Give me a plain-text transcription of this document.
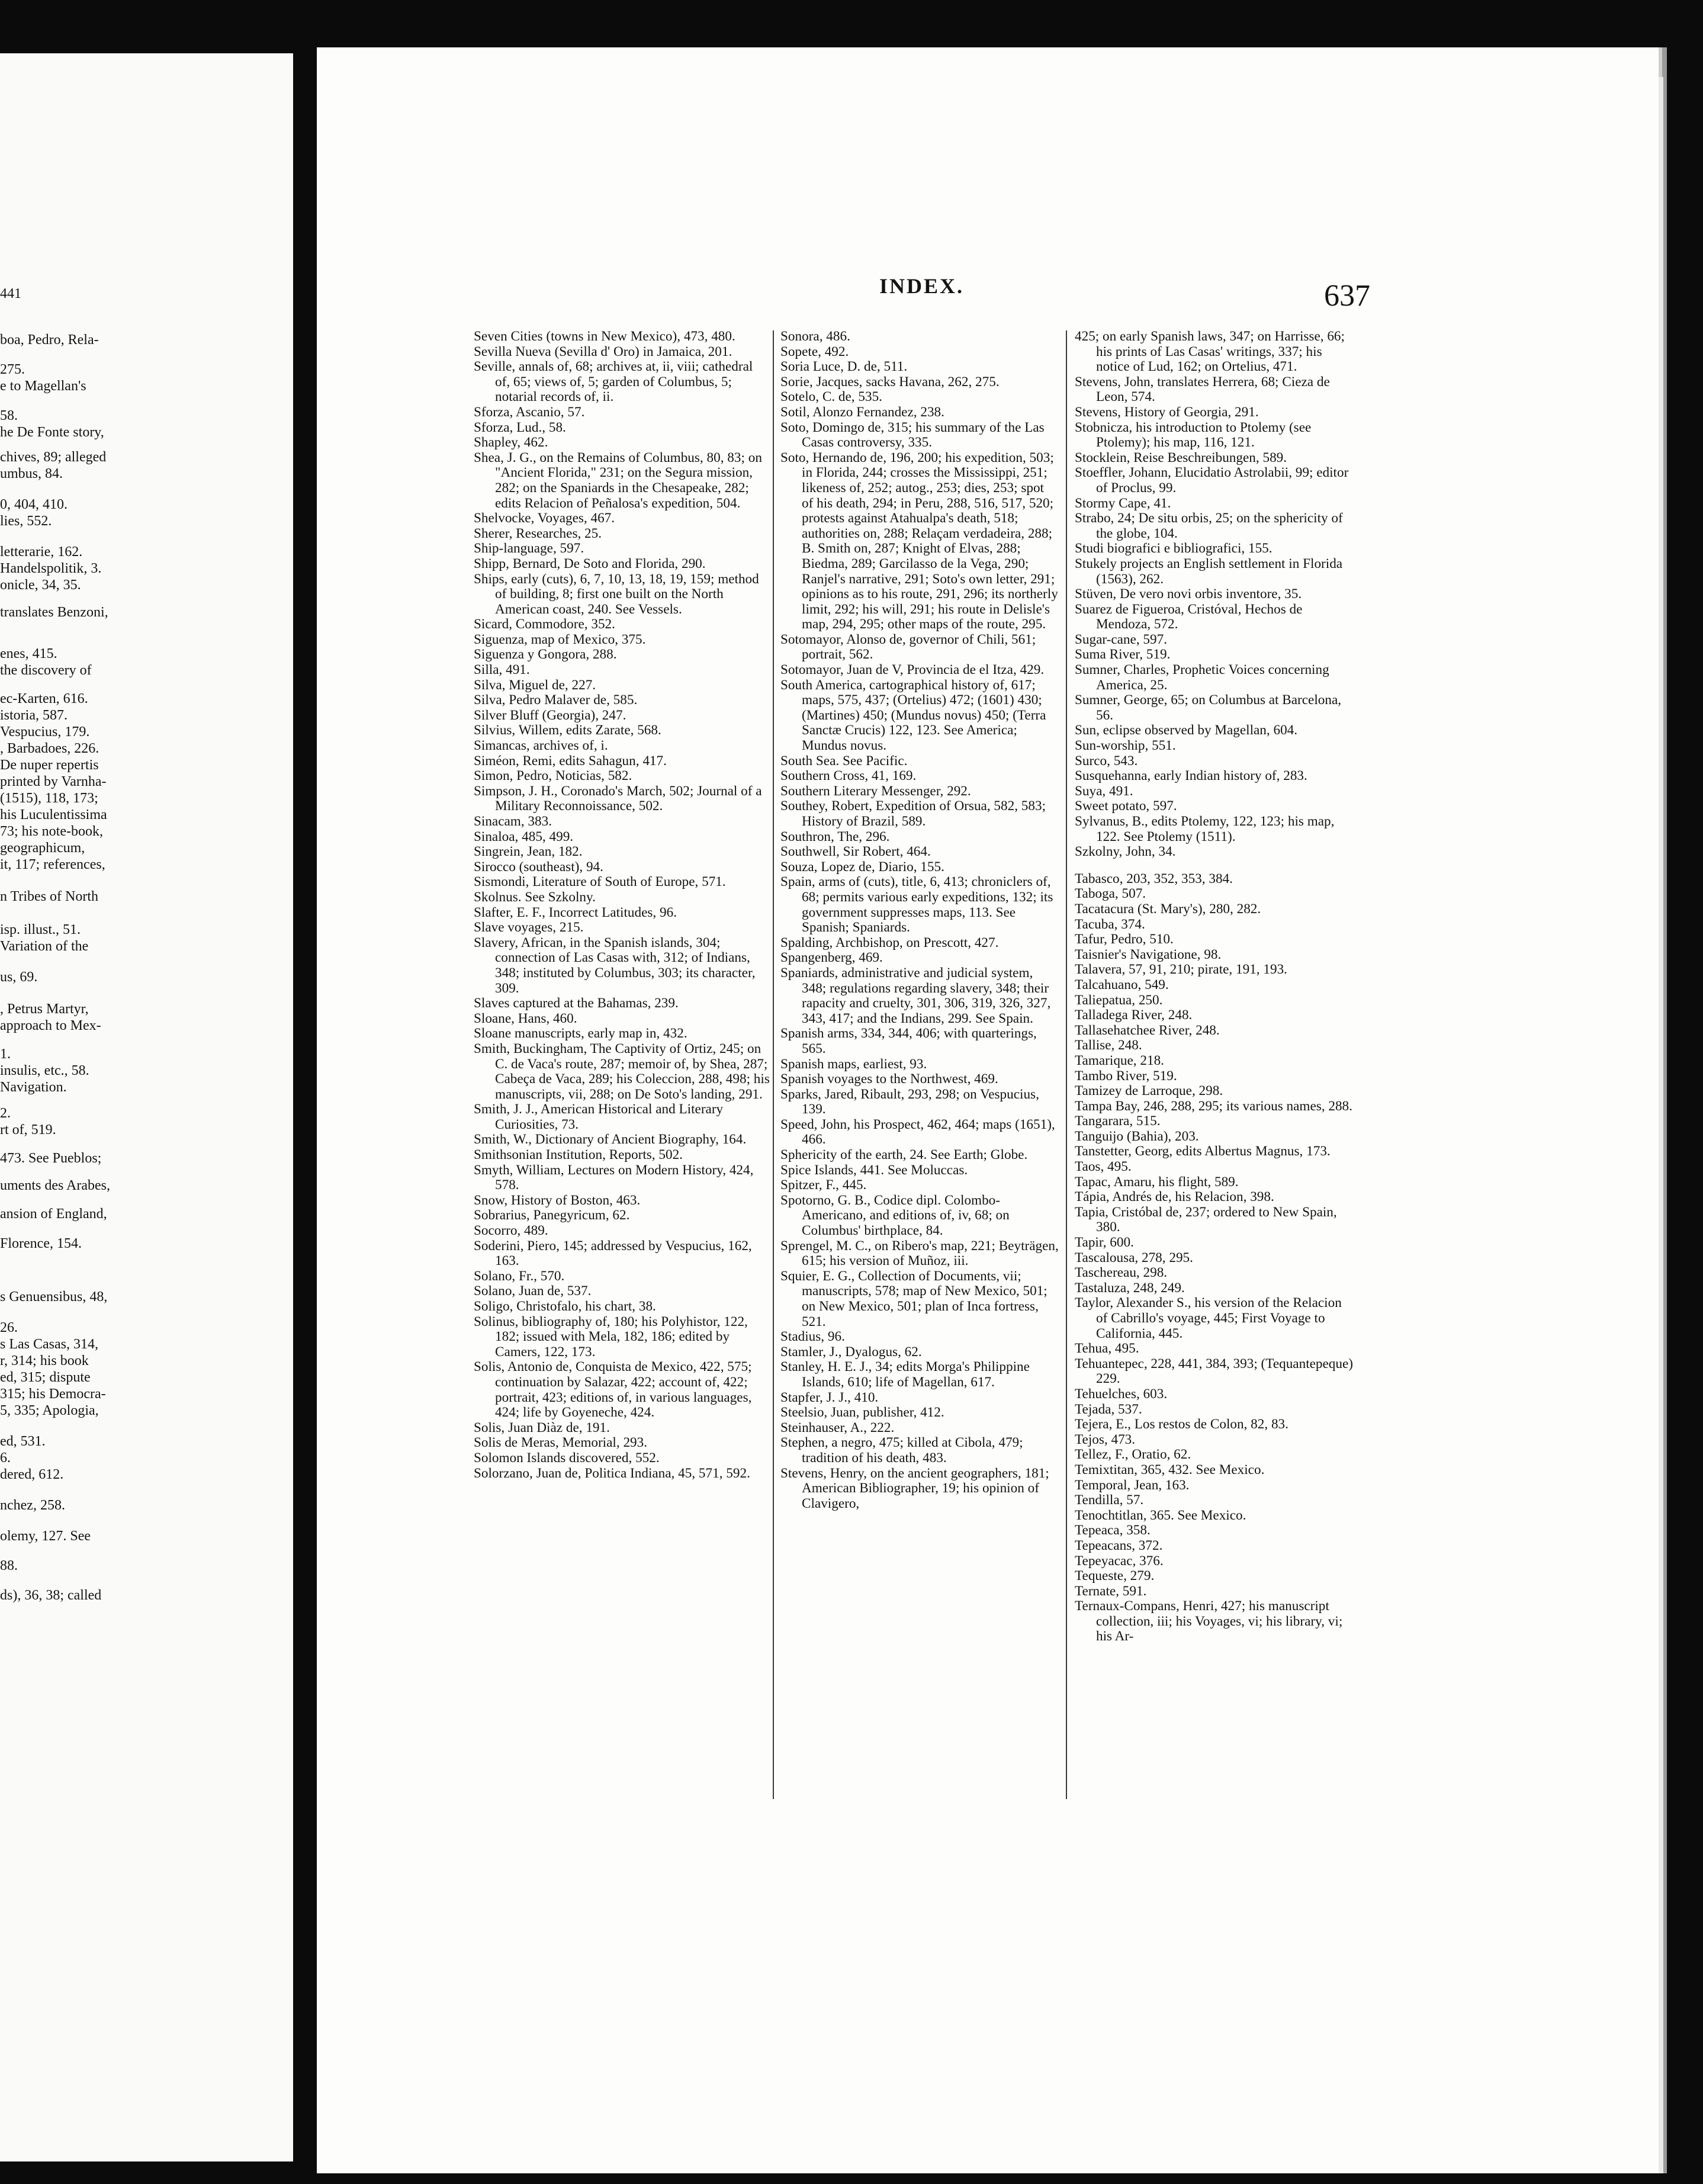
441
boa, Pedro, Rela-
275.
e to Magellan's
58.
he De Fonte story,
chives, 89; alleged
umbus, 84.
0, 404, 410.
lies, 552.
letterarie, 162.
Handelspolitik, 3.
onicle, 34, 35.
translates Benzoni,
enes, 415.
the discovery of
ec-Karten, 616.
istoria, 587.
Vespucius, 179.
, Barbadoes, 226.
De nuper repertis
printed by Varnha-
(1515), 118, 173;
his Luculentissima
73; his note-book,
geographicum,
it, 117; references,
n Tribes of North
isp. illust., 51.
Variation of the
us, 69.
, Petrus Martyr,
approach to Mex-
1.
insulis, etc., 58.
Navigation.
2.
rt of, 519.
473. See Pueblos;
uments des Arabes,
ansion of England,
Florence, 154.
s Genuensibus, 48,
26.
s Las Casas, 314,
r, 314; his book
ed, 315; dispute
315; his Democra-
5, 335; Apologia,
ed, 531.
6.
dered, 612.
nchez, 258.
olemy, 127. See
88.
ds), 36, 38; called
INDEX.	637
Seven Cities (towns in New Mexico), 473, 480.
Sevilla Nueva (Sevilla d' Oro) in Jamaica, 201.
Seville, annals of, 68; archives at, ii, viii; cathedral of, 65; views of, 5; garden of Columbus, 5; notarial records of, ii.
Sforza, Ascanio, 57.
Sforza, Lud., 58.
Shapley, 462.
Shea, J. G., on the Remains of Columbus, 80, 83; on "Ancient Florida," 231; on the Segura mission, 282; on the Spaniards in the Chesapeake, 282; edits Relacion of Peñalosa's expedition, 504.
Shelvocke, Voyages, 467.
Sherer, Researches, 25.
Ship-language, 597.
Shipp, Bernard, De Soto and Florida, 290.
Ships, early (cuts), 6, 7, 10, 13, 18, 19, 159; method of building, 8; first one built on the North American coast, 240. See Vessels.
Sicard, Commodore, 352.
Siguenza, map of Mexico, 375.
Siguenza y Gongora, 288.
Silla, 491.
Silva, Miguel de, 227.
Silva, Pedro Malaver de, 585.
Silver Bluff (Georgia), 247.
Silvius, Willem, edits Zarate, 568.
Simancas, archives of, i.
Siméon, Remi, edits Sahagun, 417.
Simon, Pedro, Noticias, 582.
Simpson, J. H., Coronado's March, 502; Journal of a Military Reconnoissance, 502.
Sinacam, 383.
Sinaloa, 485, 499.
Singrein, Jean, 182.
Sirocco (southeast), 94.
Sismondi, Literature of South of Europe, 571.
Skolnus. See Szkolny.
Slafter, E. F., Incorrect Latitudes, 96.
Slave voyages, 215.
Slavery, African, in the Spanish islands, 304; connection of Las Casas with, 312; of Indians, 348; instituted by Columbus, 303; its character, 309.
Slaves captured at the Bahamas, 239.
Sloane, Hans, 460.
Sloane manuscripts, early map in, 432.
Smith, Buckingham, The Captivity of Ortiz, 245; on C. de Vaca's route, 287; memoir of, by Shea, 287; Cabeça de Vaca, 289; his Coleccion, 288, 498; his manuscripts, vii, 288; on De Soto's landing, 291.
Smith, J. J., American Historical and Literary Curiosities, 73.
Smith, W., Dictionary of Ancient Biography, 164.
Smithsonian Institution, Reports, 502.
Smyth, William, Lectures on Modern History, 424, 578.
Snow, History of Boston, 463.
Sobrarius, Panegyricum, 62.
Socorro, 489.
Soderini, Piero, 145; addressed by Vespucius, 162, 163.
Solano, Fr., 570.
Solano, Juan de, 537.
Soligo, Christofalo, his chart, 38.
Solinus, bibliography of, 180; his Polyhistor, 122, 182; issued with Mela, 182, 186; edited by Camers, 122, 173.
Solis, Antonio de, Conquista de Mexico, 422, 575; continuation by Salazar, 422; account of, 422; portrait, 423; editions of, in various languages, 424; life by Goyeneche, 424.
Solis, Juan Diàz de, 191.
Solis de Meras, Memorial, 293.
Solomon Islands discovered, 552.
Solorzano, Juan de, Politica Indiana, 45, 571, 592.
Sonora, 486.
Sopete, 492.
Soria Luce, D. de, 511.
Sorie, Jacques, sacks Havana, 262, 275.
Sotelo, C. de, 535.
Sotil, Alonzo Fernandez, 238.
Soto, Domingo de, 315; his summary of the Las Casas controversy, 335.
Soto, Hernando de, 196, 200; his expedition, 503; in Florida, 244; crosses the Mississippi, 251; likeness of, 252; autog., 253; dies, 253; spot of his death, 294; in Peru, 288, 516, 517, 520; protests against Atahualpa's death, 518; authorities on, 288; Relaçam verdadeira, 288; B. Smith on, 287; Knight of Elvas, 288; Biedma, 289; Garcilasso de la Vega, 290; Ranjel's narrative, 291; Soto's own letter, 291; opinions as to his route, 291, 296; its northerly limit, 292; his will, 291; his route in Delisle's map, 294, 295; other maps of the route, 295.
Sotomayor, Alonso de, governor of Chili, 561; portrait, 562.
Sotomayor, Juan de V, Provincia de el Itza, 429.
South America, cartographical history of, 617; maps, 575, 437; (Ortelius) 472; (1601) 430; (Martines) 450; (Mundus novus) 450; (Terra Sanctæ Crucis) 122, 123. See America; Mundus novus.
South Sea. See Pacific.
Southern Cross, 41, 169.
Southern Literary Messenger, 292.
Southey, Robert, Expedition of Orsua, 582, 583; History of Brazil, 589.
Southron, The, 296.
Southwell, Sir Robert, 464.
Souza, Lopez de, Diario, 155.
Spain, arms of (cuts), title, 6, 413; chroniclers of, 68; permits various early expeditions, 132; its government suppresses maps, 113. See Spanish; Spaniards.
Spalding, Archbishop, on Prescott, 427.
Spangenberg, 469.
Spaniards, administrative and judicial system, 348; regulations regarding slavery, 348; their rapacity and cruelty, 301, 306, 319, 326, 327, 343, 417; and the Indians, 299. See Spain.
Spanish arms, 334, 344, 406; with quarterings, 565.
Spanish maps, earliest, 93.
Spanish voyages to the Northwest, 469.
Sparks, Jared, Ribault, 293, 298; on Vespucius, 139.
Speed, John, his Prospect, 462, 464; maps (1651), 466.
Sphericity of the earth, 24. See Earth; Globe.
Spice Islands, 441. See Moluccas.
Spitzer, F., 445.
Spotorno, G. B., Codice dipl. Colombo-Americano, and editions of, iv, 68; on Columbus' birthplace, 84.
Sprengel, M. C., on Ribero's map, 221; Beyträgen, 615; his version of Muñoz, iii.
Squier, E. G., Collection of Documents, vii; manuscripts, 578; map of New Mexico, 501; on New Mexico, 501; plan of Inca fortress, 521.
Stadius, 96.
Stamler, J., Dyalogus, 62.
Stanley, H. E. J., 34; edits Morga's Philippine Islands, 610; life of Magellan, 617.
Stapfer, J. J., 410.
Steelsio, Juan, publisher, 412.
Steinhauser, A., 222.
Stephen, a negro, 475; killed at Cibola, 479; tradition of his death, 483.
Stevens, Henry, on the ancient geographers, 181; American Bibliographer, 19; his opinion of Clavigero,
425; on early Spanish laws, 347; on Harrisse, 66; his prints of Las Casas' writings, 337; his notice of Lud, 162; on Ortelius, 471.
Stevens, John, translates Herrera, 68; Cieza de Leon, 574.
Stevens, History of Georgia, 291.
Stobnicza, his introduction to Ptolemy (see Ptolemy); his map, 116, 121.
Stocklein, Reise Beschreibungen, 589.
Stoeffler, Johann, Elucidatio Astrolabii, 99; editor of Proclus, 99.
Stormy Cape, 41.
Strabo, 24; De situ orbis, 25; on the sphericity of the globe, 104.
Studi biografici e bibliografici, 155.
Stukely projects an English settlement in Florida (1563), 262.
Stüven, De vero novi orbis inventore, 35.
Suarez de Figueroa, Cristóval, Hechos de Mendoza, 572.
Sugar-cane, 597.
Suma River, 519.
Sumner, Charles, Prophetic Voices concerning America, 25.
Sumner, George, 65; on Columbus at Barcelona, 56.
Sun, eclipse observed by Magellan, 604.
Sun-worship, 551.
Surco, 543.
Susquehanna, early Indian history of, 283.
Suya, 491.
Sweet potato, 597.
Sylvanus, B., edits Ptolemy, 122, 123; his map, 122. See Ptolemy (1511).
Szkolny, John, 34.
Tabasco, 203, 352, 353, 384.
Taboga, 507.
Tacatacura (St. Mary's), 280, 282.
Tacuba, 374.
Tafur, Pedro, 510.
Taisnier's Navigatione, 98.
Talavera, 57, 91, 210; pirate, 191, 193.
Talcahuano, 549.
Taliepatua, 250.
Talladega River, 248.
Tallasehatchee River, 248.
Tallise, 248.
Tamarique, 218.
Tambo River, 519.
Tamizey de Larroque, 298.
Tampa Bay, 246, 288, 295; its various names, 288.
Tangarara, 515.
Tanguijo (Bahia), 203.
Tanstetter, Georg, edits Albertus Magnus, 173.
Taos, 495.
Tapac, Amaru, his flight, 589.
Tápia, Andrés de, his Relacion, 398.
Tapia, Cristóbal de, 237; ordered to New Spain, 380.
Tapir, 600.
Tascalousa, 278, 295.
Taschereau, 298.
Tastaluza, 248, 249.
Taylor, Alexander S., his version of the Relacion of Cabrillo's voyage, 445; First Voyage to California, 445.
Tehua, 495.
Tehuantepec, 228, 441, 384, 393; (Tequantepeque) 229.
Tehuelches, 603.
Tejada, 537.
Tejera, E., Los restos de Colon, 82, 83.
Tejos, 473.
Tellez, F., Oratio, 62.
Temixtitan, 365, 432. See Mexico.
Temporal, Jean, 163.
Tendilla, 57.
Tenochtitlan, 365. See Mexico.
Tepeaca, 358.
Tepeacans, 372.
Tepeyacac, 376.
Tequeste, 279.
Ternate, 591.
Ternaux-Compans, Henri, 427; his manuscript collection, iii; his Voyages, vi; his library, vi; his Ar-
